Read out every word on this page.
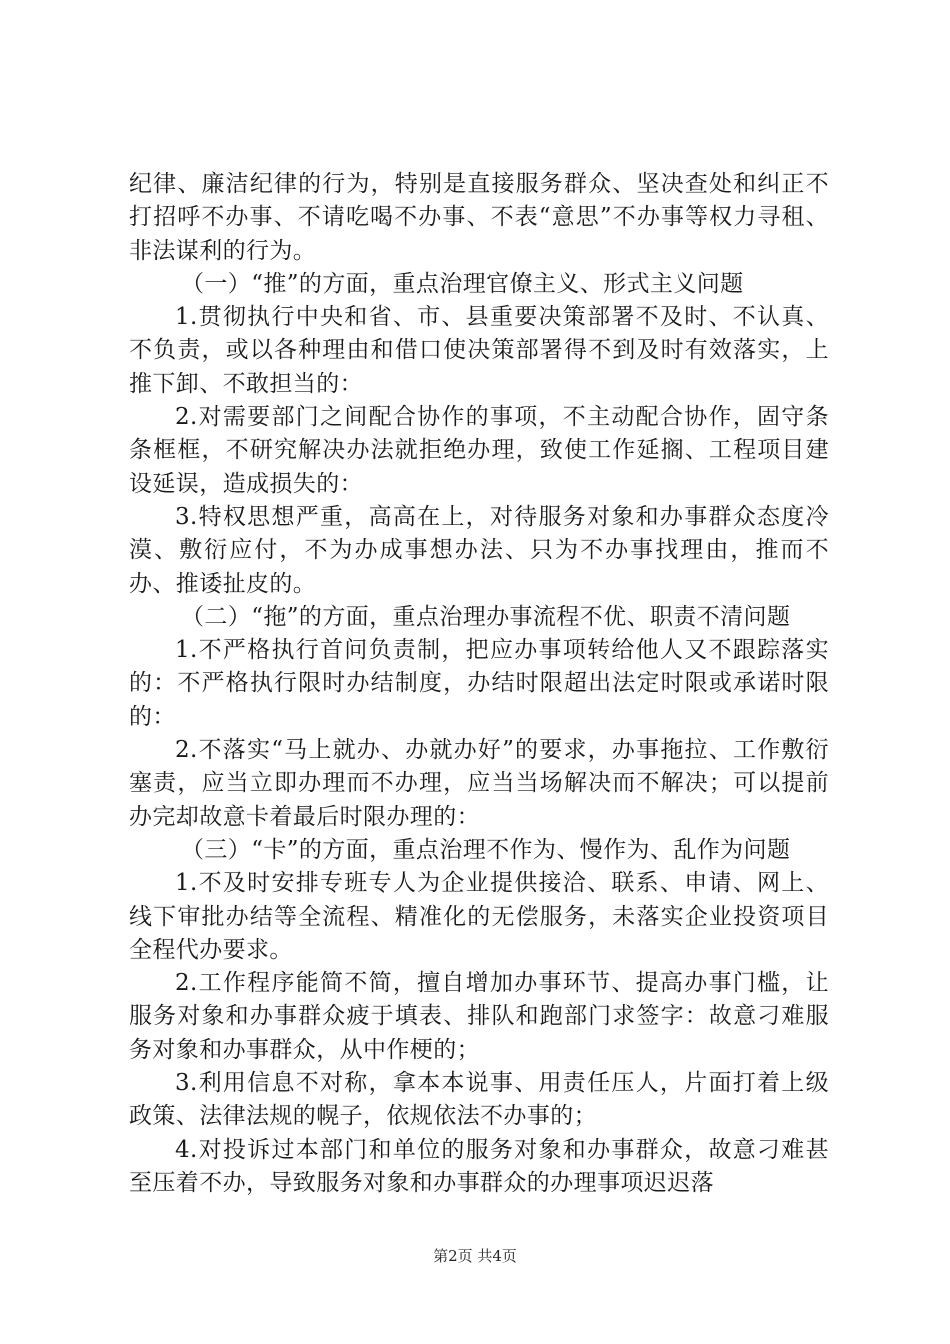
纪律、廉洁纪律的行为，特别是直接服务群众、坚决查处和纠正不打招呼不办事、不请吃喝不办事、不表“意思”不办事等权力寻租、非法谋利的行为。

（一）“推”的方面，重点治理官僚主义、形式主义问题

1.贯彻执行中央和省、市、县重要决策部署不及时、不认真、不负责，或以各种理由和借口使决策部署得不到及时有效落实，上推下卸、不敢担当的：

2.对需要部门之间配合协作的事项，不主动配合协作，固守条条框框，不研究解决办法就拒绝办理，致使工作延搁、工程项目建设延误，造成损失的：

3.特权思想严重，高高在上，对待服务对象和办事群众态度冷漠、敷衍应付，不为办成事想办法、只为不办事找理由，推而不办、推诿扯皮的。

（二）“拖”的方面，重点治理办事流程不优、职责不清问题

1.不严格执行首问负责制，把应办事项转给他人又不跟踪落实的：不严格执行限时办结制度，办结时限超出法定时限或承诺时限的：

2.不落实“马上就办、办就办好”的要求，办事拖拉、工作敷衍塞责，应当立即办理而不办理，应当当场解决而不解决；可以提前办完却故意卡着最后时限办理的：

（三）“卡”的方面，重点治理不作为、慢作为、乱作为问题

1.不及时安排专班专人为企业提供接洽、联系、申请、网上、线下审批办结等全流程、精准化的无偿服务，未落实企业投资项目全程代办要求。

2.工作程序能简不简，擅自增加办事环节、提高办事门槛，让服务对象和办事群众疲于填表、排队和跑部门求签字：故意刁难服务对象和办事群众，从中作梗的；

3.利用信息不对称，拿本本说事、用责任压人，片面打着上级政策、法律法规的幌子，依规依法不办事的；

4.对投诉过本部门和单位的服务对象和办事群众，故意刁难甚至压着不办，导致服务对象和办事群众的办理事项迟迟落

第2页 共4页
